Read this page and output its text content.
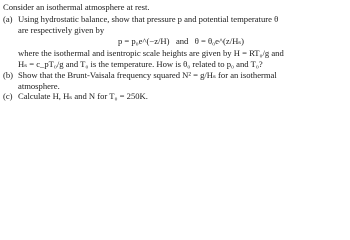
Consider an isothermal atmosphere at rest.
(a) Using hydrostatic balance, show that pressure p and potential temperature θ
are respectively given by
p = p₀e^(−z/H)   and   θ = θ₀e^(z/Hₛ)
where the isothermal and isentropic scale heights are given by H = RT₀/g and
Hₛ = c_pT₀/g and T₀ is the temperature. How is θ₀ related to p₀ and T₀?
(b) Show that the Brunt-Vaisala frequency squared N² = g/Hₛ for an isothermal
atmosphere.
(c) Calculate H, Hₛ and N for T₀ = 250K.
